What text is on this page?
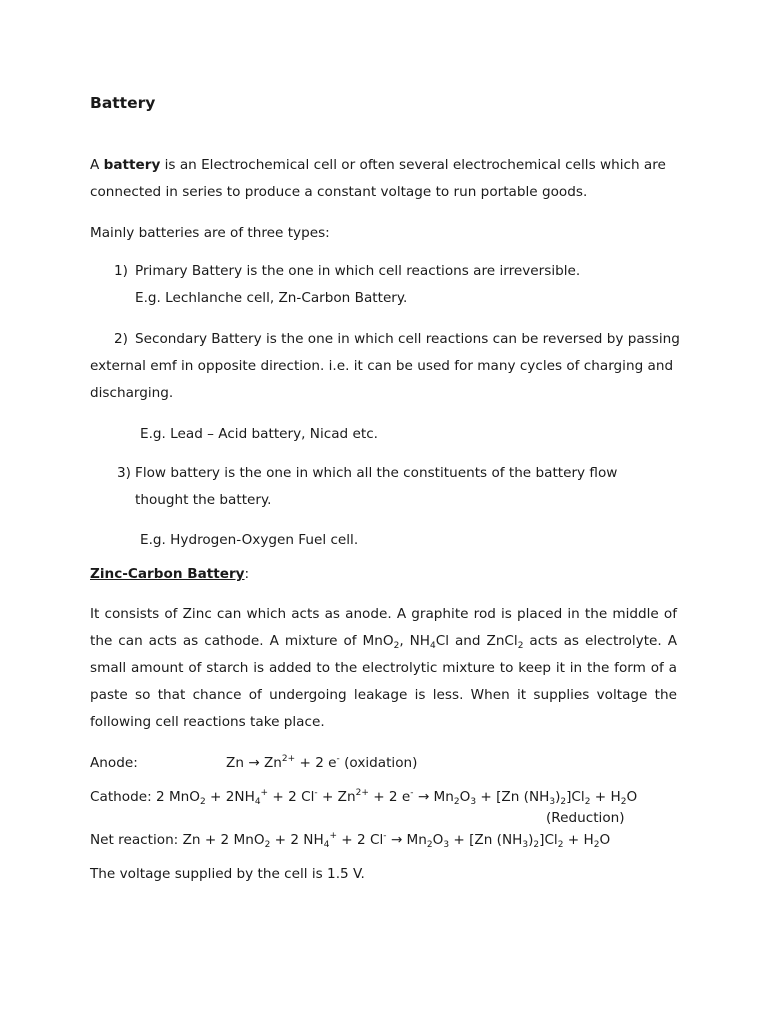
Battery
A battery is an Electrochemical cell or often several electrochemical cells which are
connected in series to produce a constant voltage to run portable goods.
Mainly batteries are of three types:
1) Primary Battery is the one in which cell reactions are irreversible.
E.g. Lechlanche cell, Zn-Carbon Battery.
2) Secondary Battery is the one in which cell reactions can be reversed by passing
external emf in opposite direction. i.e. it can be used for many cycles of charging and
discharging.
E.g. Lead – Acid battery, Nicad etc.
3) Flow battery is the one in which all the constituents of the battery flow
thought the battery.
E.g. Hydrogen-Oxygen Fuel cell.
Zinc-Carbon Battery:
It consists of Zinc can which acts as anode. A graphite rod is placed in the middle of
the can acts as cathode. A mixture of MnO$_2$, $NH_4Cl$ and ZnCl$_2$ acts as electrolyte. A
small amount of starch is added to the electrolytic mixture to keep it in the form of a
paste so that chance of undergoing leakage is less. When it supplies voltage the
following cell reactions take place.
Anode:	$Zn \to Zn^{2+} + 2$ e- (oxidation)
Cathode: 2 $MnO_2 + 2NH_4^+ + 2$ $Cl^- + Zn^{2+} + 2$ $e^- \to Mn_2O_3 + [Zn$ $(NH_3)_2]Cl_2 + H_2O$
(Reduction)
Net reaction: Zn + 2 MnO$_2$ + 2 $NH_4^+ + 2$ $Cl^- \to Mn_2O_3 + [Zn$ $(NH_3)_2]Cl_2 + H_2O$
The voltage supplied by the cell is 1.5 V.
